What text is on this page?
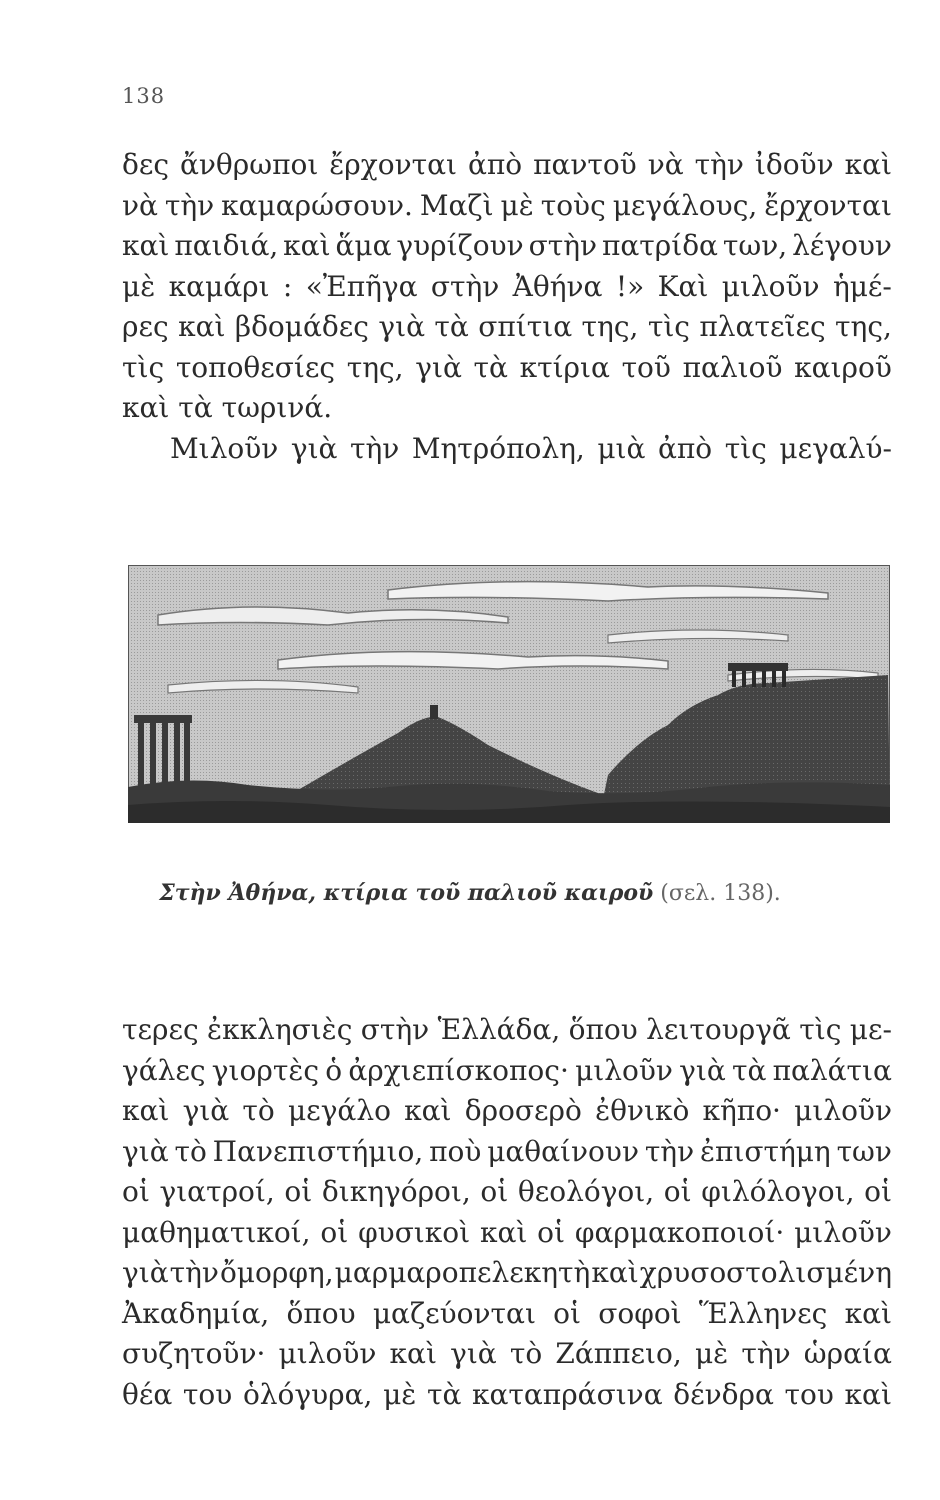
138
δες ἄνθρωποι ἔρχονται ἀπὸ παντοῦ νὰ τὴν ἰδοῦν καὶ
νὰ τὴν καμαρώσουν. Μαζὶ μὲ τοὺς μεγάλους, ἔρχονται
καὶ παιδιά, καὶ ἅμα γυρίζουν στὴν πατρίδα των, λέγουν
μὲ καμάρι : «Ἐπῆγα στὴν Ἀθήνα !» Καὶ μιλοῦν ἡμέ-
ρες καὶ βδομάδες γιὰ τὰ σπίτια της, τὶς πλατεῖες της,
τὶς τοποθεσίες της, γιὰ τὰ κτίρια τοῦ παλιοῦ καιροῦ
καὶ τὰ τωρινά.
Μιλοῦν γιὰ τὴν Μητρόπολη, μιὰ ἀπὸ τὶς μεγαλύ-
Στὴν Ἀθήνα, κτίρια τοῦ παλιοῦ καιροῦ (σελ. 138).
τερες ἐκκλησιὲς στὴν Ἑλλάδα, ὅπου λειτουργᾶ τὶς με-
γάλες γιορτὲς ὁ ἀρχιεπίσκοπος· μιλοῦν γιὰ τὰ παλάτια
καὶ γιὰ τὸ μεγάλο καὶ δροσερὸ ἐθνικὸ κῆπο· μιλοῦν
γιὰ τὸ Πανεπιστήμιο, ποὺ μαθαίνουν τὴν ἐπιστήμη των
οἱ γιατροί, οἱ δικηγόροι, οἱ θεολόγοι, οἱ φιλόλογοι, οἱ
μαθηματικοί, οἱ φυσικοὶ καὶ οἱ φαρμακοποιοί· μιλοῦν
γιὰ τὴν ὄμορφη, μαρμαροπελεκητὴ καὶ χρυσοστολισμένη
Ἀκαδημία, ὅπου μαζεύονται οἱ σοφοὶ Ἕλληνες καὶ
συζητοῦν· μιλοῦν καὶ γιὰ τὸ Ζάππειο, μὲ τὴν ὡραία
θέα του ὁλόγυρα, μὲ τὰ καταπράσινα δένδρα του καὶ
